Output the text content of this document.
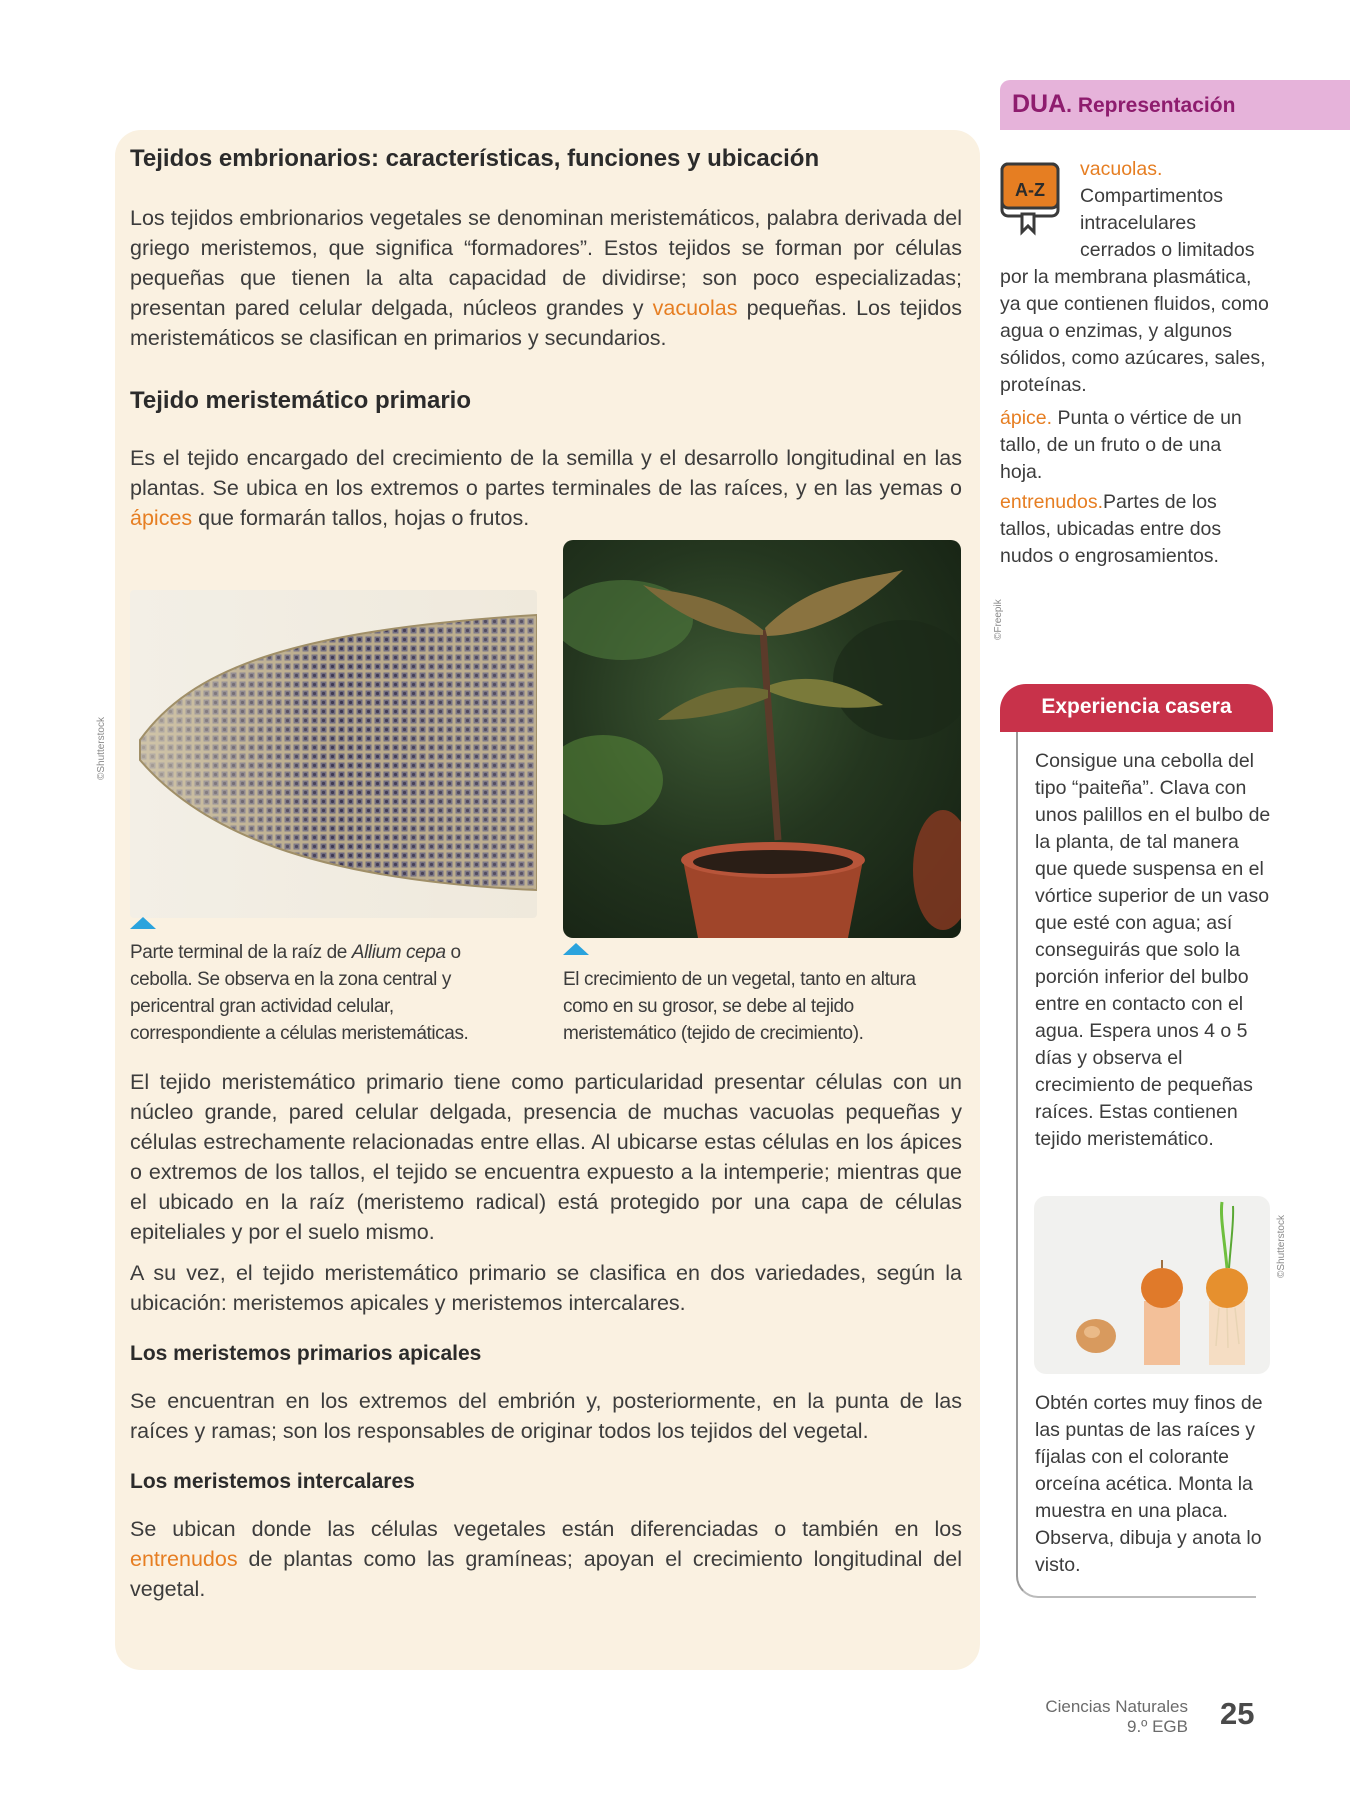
Tejidos embrionarios: características, funciones y ubicación

Los tejidos embrionarios vegetales se denominan meristemáticos, palabra derivada del griego meristemos, que significa “formadores”. Estos tejidos se forman por células pequeñas que tienen la alta capacidad de dividirse; son poco especializadas; presentan pared celular delgada, núcleos grandes y vacuolas pequeñas. Los tejidos meristemáticos se clasifican en primarios y secundarios.

Tejido meristemático primario

Es el tejido encargado del crecimiento de la semilla y el desarrollo longitudinal en las plantas. Se ubica en los extremos o partes terminales de las raíces, y en las yemas o ápices que formarán tallos, hojas o frutos.

©Shutterstock
©Freepik

Parte terminal de la raíz de Allium cepa o cebolla. Se observa en la zona central y pericentral gran actividad celular, correspondiente a células meristemáticas.

El crecimiento de un vegetal, tanto en altura como en su grosor, se debe al tejido meristemático (tejido de crecimiento).

El tejido meristemático primario tiene como particularidad presentar células con un núcleo grande, pared celular delgada, presencia de muchas vacuolas pequeñas y células estrechamente relacionadas entre ellas. Al ubicarse estas células en los ápices o extremos de los tallos, el tejido se encuentra expuesto a la intemperie; mientras que el ubicado en la raíz (meristemo radical) está protegido por una capa de células epiteliales y por el suelo mismo.

A su vez, el tejido meristemático primario se clasifica en dos variedades, según la ubicación: meristemos apicales y meristemos intercalares.

Los meristemos primarios apicales

Se encuentran en los extremos del embrión y, posteriormente, en la punta de las raíces y ramas; son los responsables de originar todos los tejidos del vegetal.

Los meristemos intercalares

Se ubican donde las células vegetales están diferenciadas o también en los entrenudos de plantas como las gramíneas; apoyan el crecimiento longitudinal del vegetal.

DUA. Representación
A-Z
vacuolas.
Compartimentos
intracelulares
cerrados o limitados
por la membrana plasmática, ya que contienen fluidos, como agua o enzimas, y algunos sólidos, como azúcares, sales, proteínas.
ápice. Punta o vértice de un tallo, de un fruto o de una hoja.
entrenudos.Partes de los tallos, ubicadas entre dos nudos o engrosamientos.
Experiencia casera

Consigue una cebolla del tipo “paiteña”. Clava con unos palillos en el bulbo de la planta, de tal manera que quede suspensa en el vórtice superior de un vaso que esté con agua; así conseguirás que solo la porción inferior del bulbo entre en contacto con el agua. Espera unos 4 o 5 días y observa el crecimiento de pequeñas raíces. Estas contienen tejido meristemático.

©Shutterstock

Obtén cortes muy finos de las puntas de las raíces y fíjalas con el colorante orceína acética. Monta la muestra en una placa. Observa, dibuja y anota lo visto.

Ciencias Naturales
9.º EGB 25
